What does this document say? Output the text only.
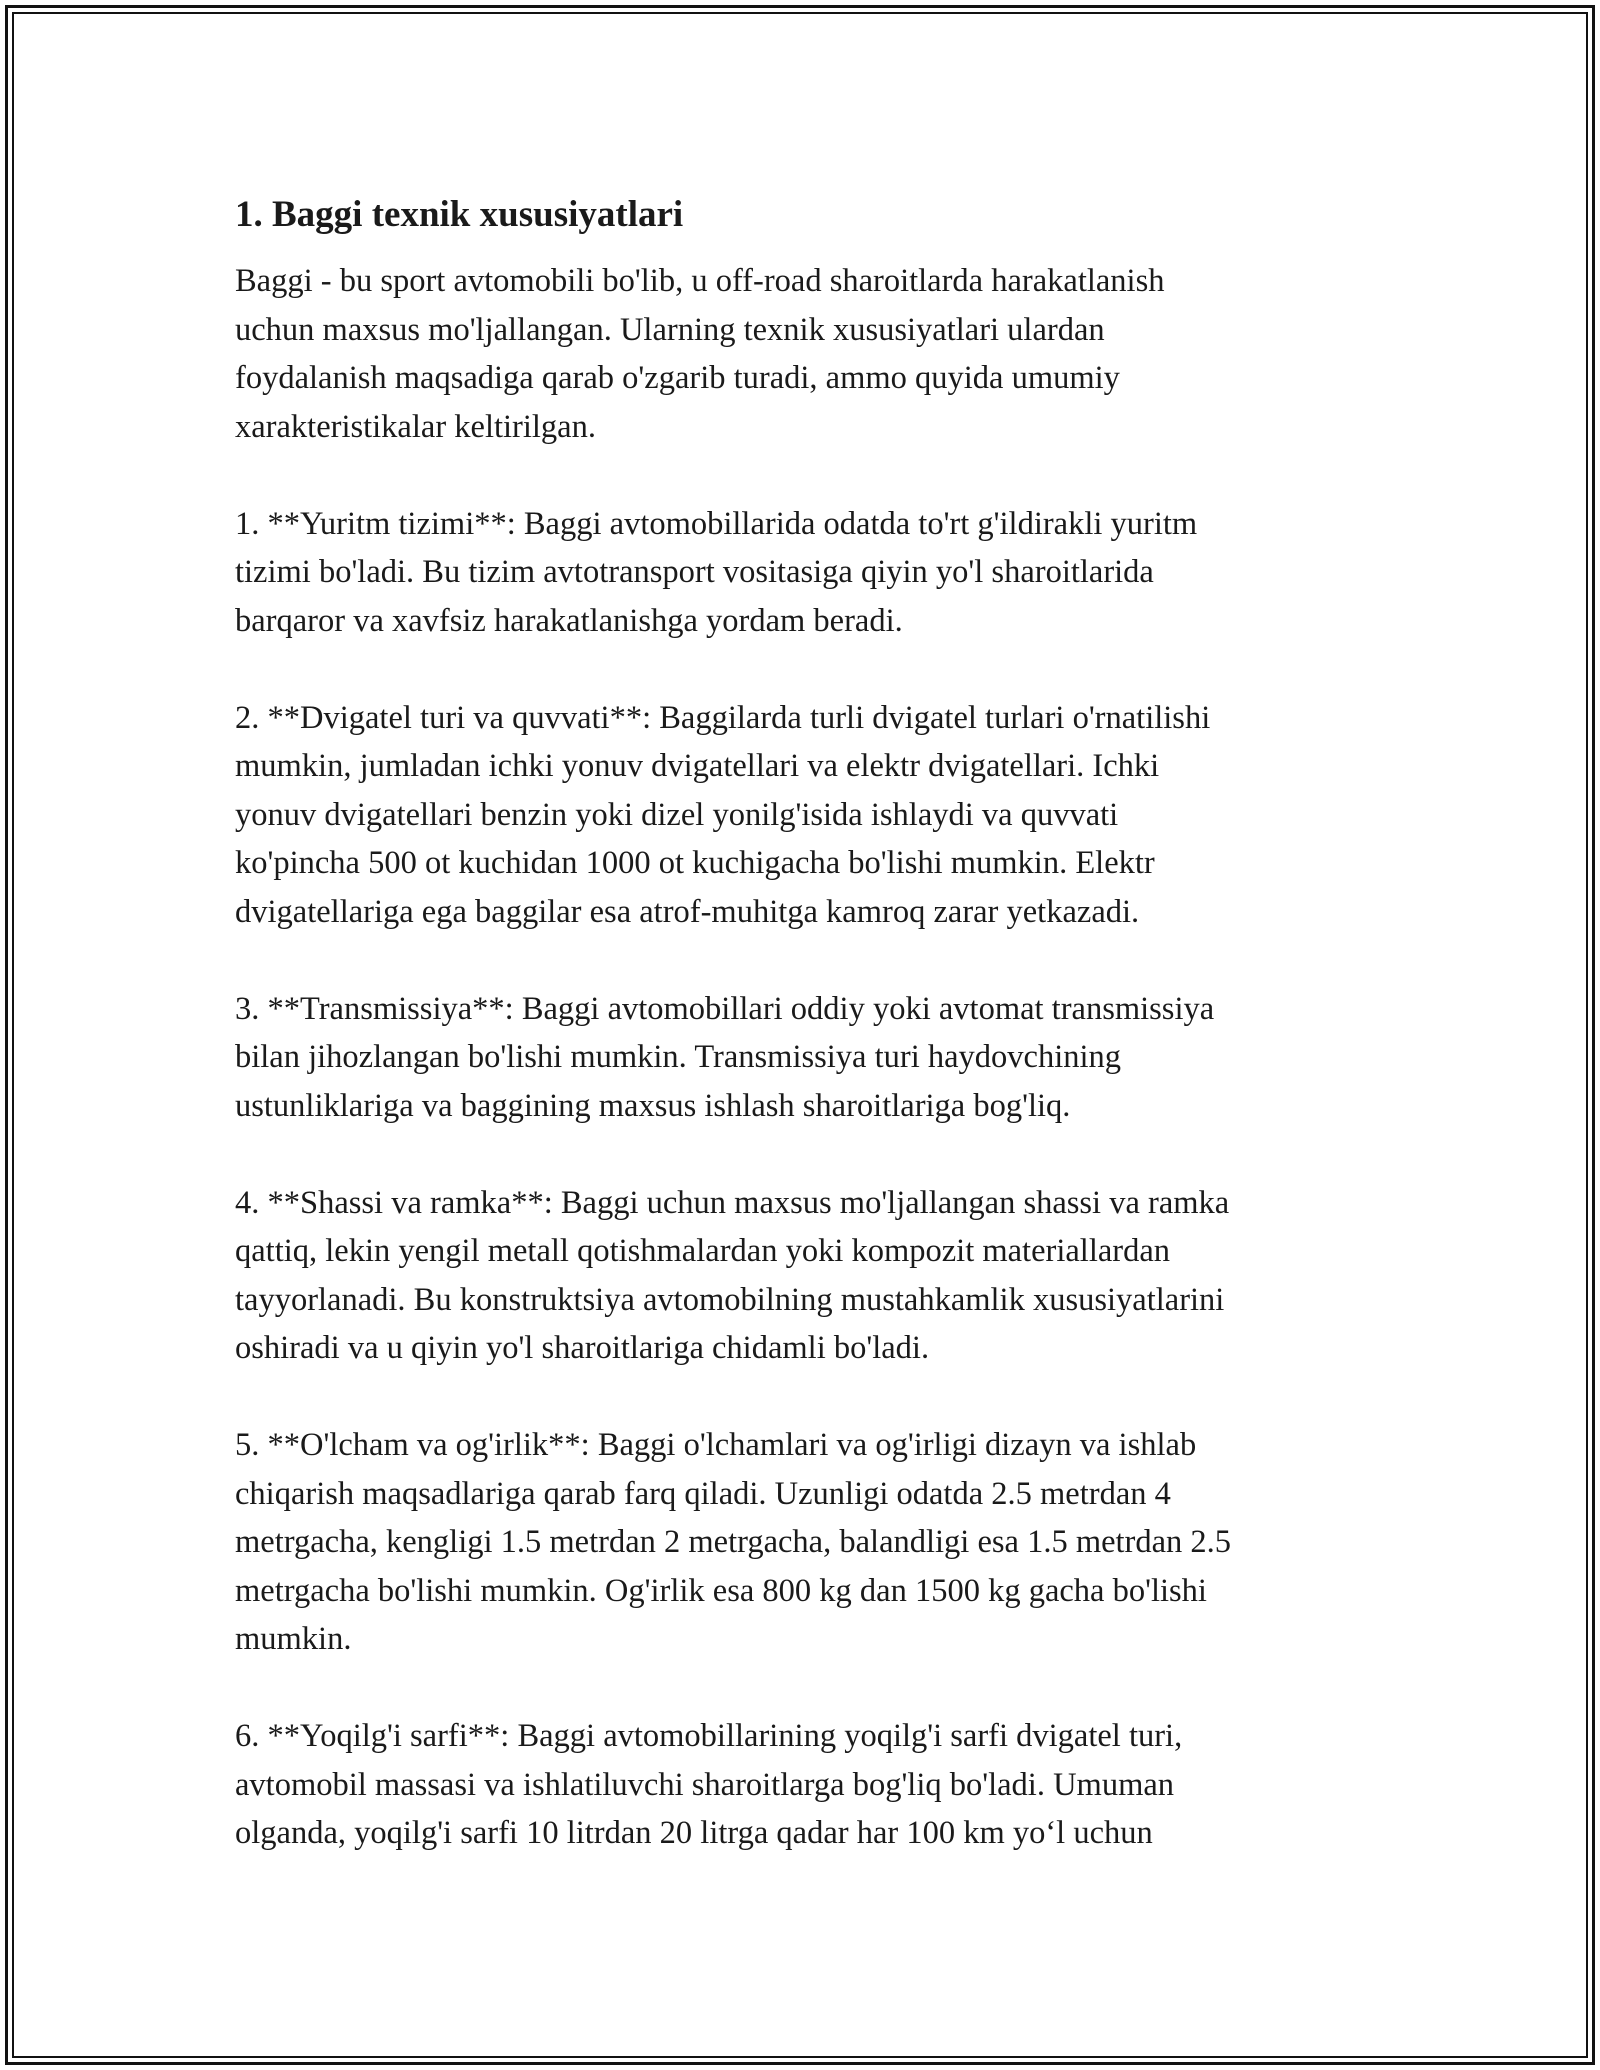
1. Baggi texnik xususiyatlari
Baggi - bu sport avtomobili bo'lib, u off-road sharoitlarda harakatlanish
uchun maxsus mo'ljallangan. Ularning texnik xususiyatlari ulardan
foydalanish maqsadiga qarab o'zgarib turadi, ammo quyida umumiy
xarakteristikalar keltirilgan.
1. **Yuritm tizimi**: Baggi avtomobillarida odatda to'rt g'ildirakli yuritm
tizimi bo'ladi. Bu tizim avtotransport vositasiga qiyin yo'l sharoitlarida
barqaror va xavfsiz harakatlanishga yordam beradi.
2. **Dvigatel turi va quvvati**: Baggilarda turli dvigatel turlari o'rnatilishi
mumkin, jumladan ichki yonuv dvigatellari va elektr dvigatellari. Ichki
yonuv dvigatellari benzin yoki dizel yonilg'isida ishlaydi va quvvati
ko'pincha 500 ot kuchidan 1000 ot kuchigacha bo'lishi mumkin. Elektr
dvigatellariga ega baggilar esa atrof-muhitga kamroq zarar yetkazadi.
3. **Transmissiya**: Baggi avtomobillari oddiy yoki avtomat transmissiya
bilan jihozlangan bo'lishi mumkin. Transmissiya turi haydovchining
ustunliklariga va baggining maxsus ishlash sharoitlariga bog'liq.
4. **Shassi va ramka**: Baggi uchun maxsus mo'ljallangan shassi va ramka
qattiq, lekin yengil metall qotishmalardan yoki kompozit materiallardan
tayyorlanadi. Bu konstruktsiya avtomobilning mustahkamlik xususiyatlarini
oshiradi va u qiyin yo'l sharoitlariga chidamli bo'ladi.
5. **O'lcham va og'irlik**: Baggi o'lchamlari va og'irligi dizayn va ishlab
chiqarish maqsadlariga qarab farq qiladi. Uzunligi odatda 2.5 metrdan 4
metrgacha, kengligi 1.5 metrdan 2 metrgacha, balandligi esa 1.5 metrdan 2.5
metrgacha bo'lishi mumkin. Og'irlik esa 800 kg dan 1500 kg gacha bo'lishi
mumkin.
6. **Yoqilg'i sarfi**: Baggi avtomobillarining yoqilg'i sarfi dvigatel turi,
avtomobil massasi va ishlatiluvchi sharoitlarga bog'liq bo'ladi. Umuman
olganda, yoqilg'i sarfi 10 litrdan 20 litrga qadar har 100 km yo‘l uchun
